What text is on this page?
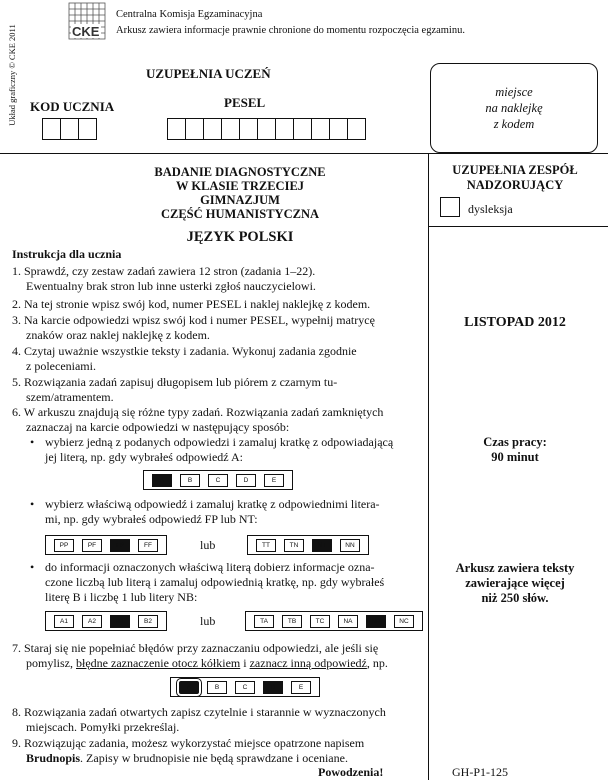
CKE
Centralna Komisja Egzaminacyjna
Arkusz zawiera informacje prawnie chronione do momentu rozpoczęcia egzaminu.
Układ graficzny © CKE 2011	UZUPEŁNIA UCZEŃ
KOD UCZNIA	PESEL
miejsce
na naklejkę
z kodem
BADANIE DIAGNOSTYCZNE
W KLASIE TRZECIEJ GIMNAZJUM
CZĘŚĆ HUMANISTYCZNA
JĘZYK POLSKI
UZUPEŁNIA ZESPÓŁ
NADZORUJĄCY
dysleksja
LISTOPAD 2012
Czas pracy:
90 minut
Arkusz zawiera teksty
zawierające więcej
niż 250 słów.
GH-P1-125
Instrukcja dla ucznia
1. Sprawdź, czy zestaw zadań zawiera 12 stron (zadania 1–22).
Ewentualny brak stron lub inne usterki zgłoś nauczycielowi.
2. Na tej stronie wpisz swój kod, numer PESEL i naklej naklejkę z kodem.
3. Na karcie odpowiedzi wpisz swój kod i numer PESEL, wypełnij matrycę
znaków oraz naklej naklejkę z kodem.
4. Czytaj uważnie wszystkie teksty i zadania. Wykonuj zadania zgodnie
z poleceniami.
5. Rozwiązania zadań zapisuj długopisem lub piórem z czarnym tu-
szem/atramentem.
6. W arkuszu znajdują się różne typy zadań. Rozwiązania zadań zamkniętych
zaznaczaj na karcie odpowiedzi w następujący sposób:
• wybierz jedną z podanych odpowiedzi i zamaluj kratkę z odpowiadającą
jej literą, np. gdy wybrałeś odpowiedź A:
A	B	C	D	E
• wybierz właściwą odpowiedź i zamaluj kratkę z odpowiednimi litera-
mi, np. gdy wybrałeś odpowiedź FP lub NT:
PP	PF	FP	FF	lub	TT	TN	NT	NN
• do informacji oznaczonych właściwą literą dobierz informacje ozna-
czone liczbą lub literą i zamaluj odpowiednią kratkę, np. gdy wybrałeś
literę B i liczbę 1 lub litery NB:
A1	A2	B1	B2	lub	TA	TB	TC	NA	NB	NC
7. Staraj się nie popełniać błędów przy zaznaczaniu odpowiedzi, ale jeśli się
pomylisz, błędne zaznaczenie otocz kółkiem i zaznacz inną odpowiedź, np.
A	B	C	D	E
8. Rozwiązania zadań otwartych zapisz czytelnie i starannie w wyznaczonych
miejscach. Pomyłki przekreślaj.
9. Rozwiązując zadania, możesz wykorzystać miejsce opatrzone napisem
Brudnopis. Zapisy w brudnopisie nie będą sprawdzane i oceniane.
Powodzenia!
